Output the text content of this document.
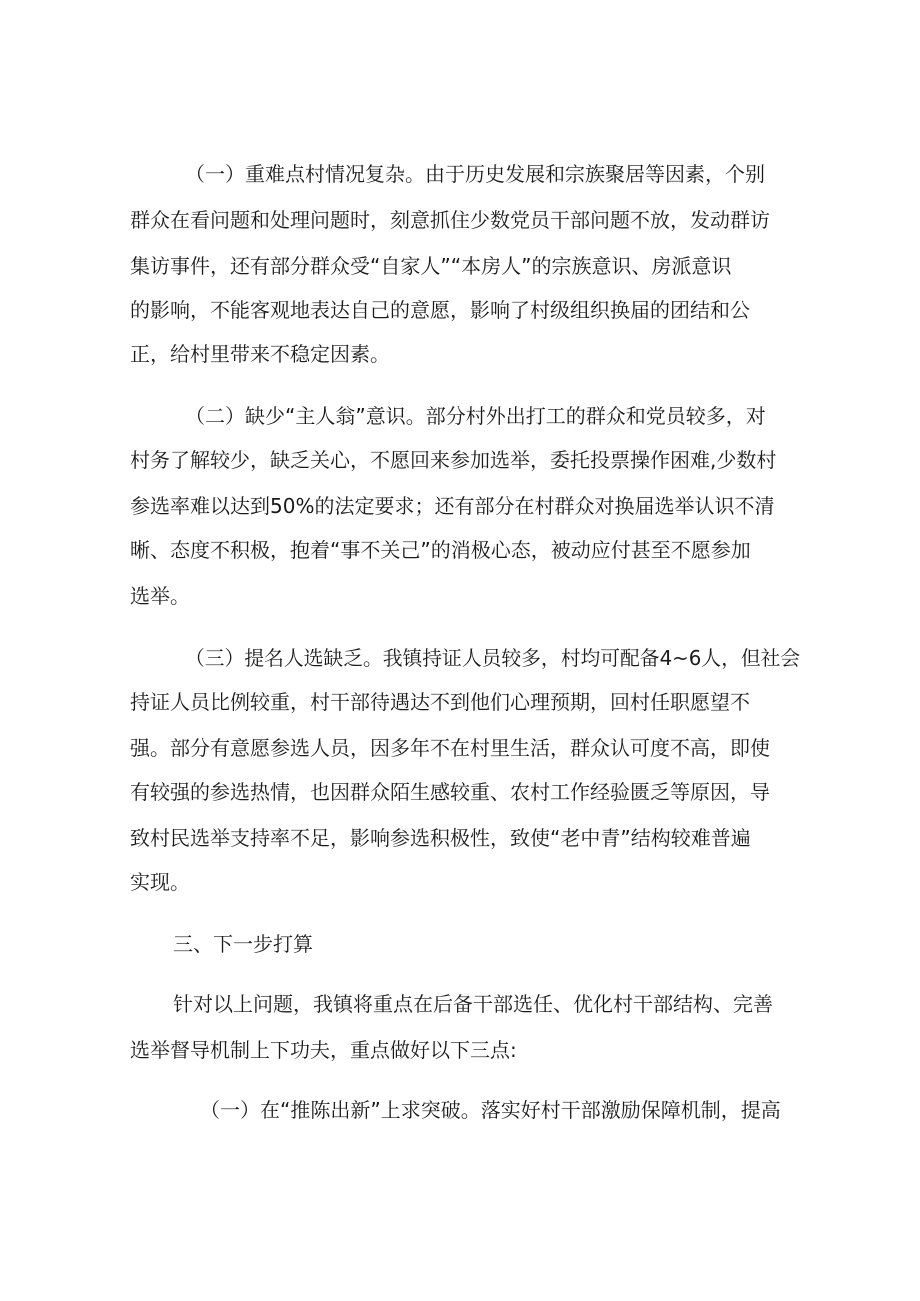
（一）重难点村情况复杂。由于历史发展和宗族聚居等因素，个别

群众在看问题和处理问题时，刻意抓住少数党员干部问题不放，发动群访

集访事件，还有部分群众受“自家人”“本房人”的宗族意识、房派意识

的影响，不能客观地表达自己的意愿，影响了村级组织换届的团结和公

正，给村里带来不稳定因素。

（二）缺少“主人翁”意识。部分村外出打工的群众和党员较多，对

村务了解较少，缺乏关心，不愿回来参加选举，委托投票操作困难,少数村

参选率难以达到50%的法定要求；还有部分在村群众对换届选举认识不清

晰、态度不积极，抱着“事不关己”的消极心态，被动应付甚至不愿参加

选举。

（三）提名人选缺乏。我镇持证人员较多，村均可配备4~6人，但社会

持证人员比例较重，村干部待遇达不到他们心理预期，回村任职愿望不

强。部分有意愿参选人员，因多年不在村里生活，群众认可度不高，即使

有较强的参选热情，也因群众陌生感较重、农村工作经验匮乏等原因，导

致村民选举支持率不足，影响参选积极性，致使“老中青”结构较难普遍

实现。

三、下一步打算

针对以上问题，我镇将重点在后备干部选任、优化村干部结构、完善

选举督导机制上下功夫，重点做好以下三点:

（一）在“推陈出新”上求突破。落实好村干部激励保障机制，提高
